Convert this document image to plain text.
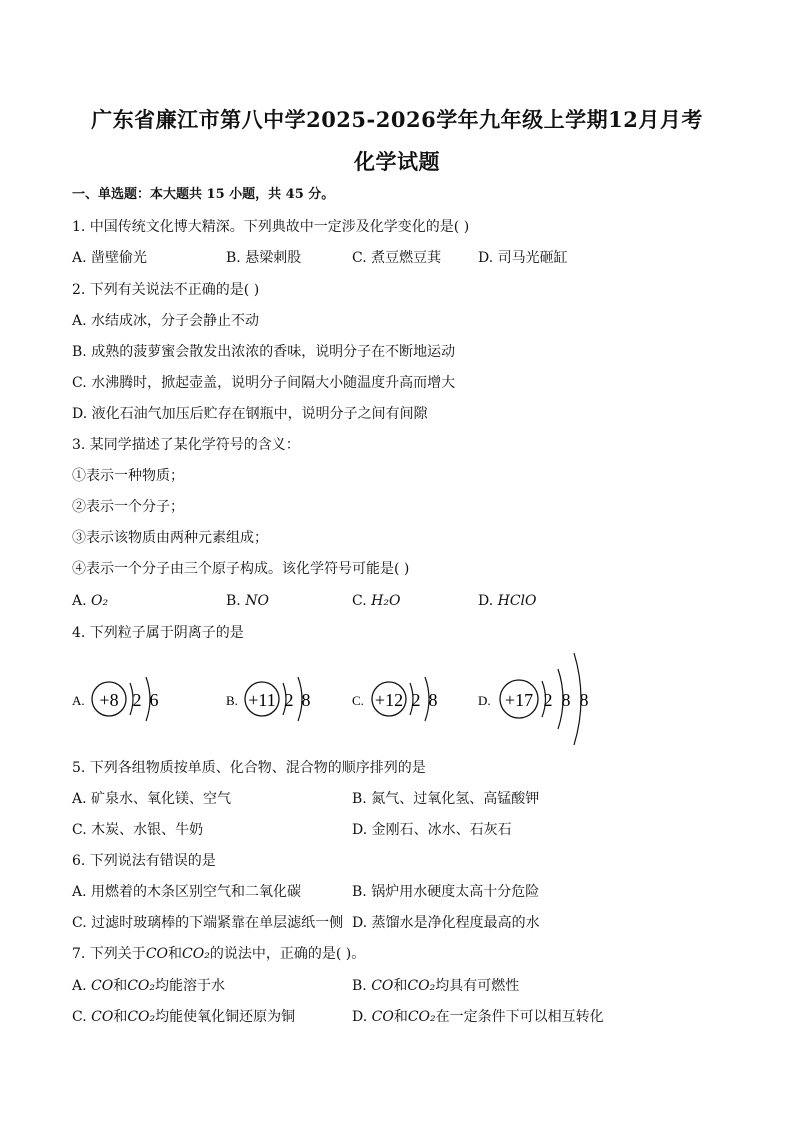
广东省廉江市第八中学2025-2026学年九年级上学期12月月考
化学试题
一、单选题：本大题共 15 小题，共 45 分。
1. 中国传统文化博大精深。下列典故中一定涉及化学变化的是( )
A. 凿壁偷光	B. 悬梁刺股	C. 煮豆燃豆萁	D. 司马光砸缸
2. 下列有关说法不正确的是( )
A. 水结成冰，分子会静止不动
B. 成熟的菠萝蜜会散发出浓浓的香味，说明分子在不断地运动
C. 水沸腾时，掀起壶盖，说明分子间隔大小随温度升高而增大
D. 液化石油气加压后贮存在钢瓶中，说明分子之间有间隙
3. 某同学描述了某化学符号的含义：
①表示一种物质；
②表示一个分子；
③表示该物质由两种元素组成；
④表示一个分子由三个原子构成。该化学符号可能是( )
A. O₂	B. NO	C. H₂O	D. HClO
4. 下列粒子属于阴离子的是
A. +8 2 6	B. +11 2 8	C. +12 2 8	D. +17 2 8 8
5. 下列各组物质按单质、化合物、混合物的顺序排列的是
A. 矿泉水、氧化镁、空气	B. 氮气、过氧化氢、高锰酸钾
C. 木炭、水银、牛奶	D. 金刚石、冰水、石灰石
6. 下列说法有错误的是
A. 用燃着的木条区别空气和二氧化碳	B. 锅炉用水硬度太高十分危险
C. 过滤时玻璃棒的下端紧靠在单层滤纸一侧 D. 蒸馏水是净化程度最高的水
7. 下列关于CO和CO₂的说法中，正确的是( )。
A. CO和CO₂均能溶于水	B. CO和CO₂均具有可燃性
C. CO和CO₂均能使氧化铜还原为铜	D. CO和CO₂在一定条件下可以相互转化
